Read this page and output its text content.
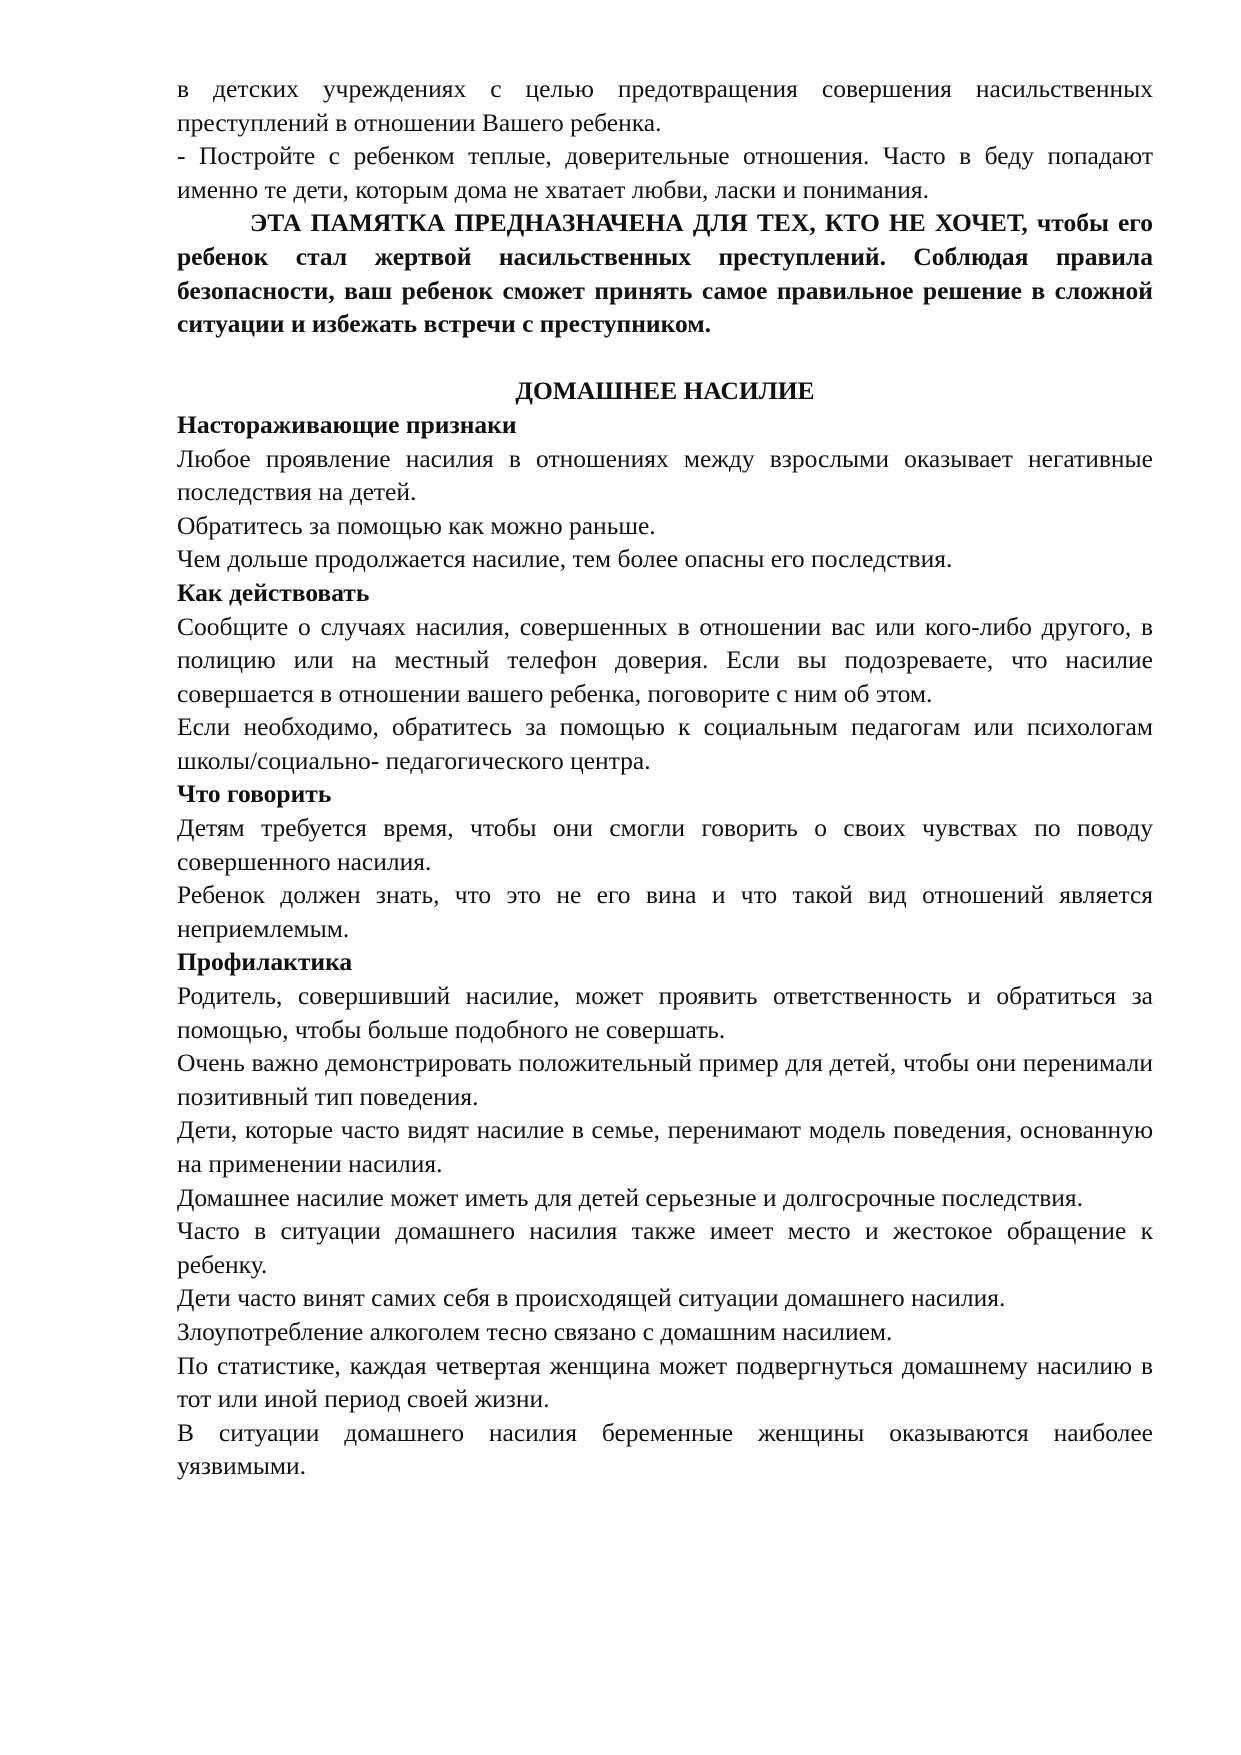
в детских учреждениях с целью предотвращения совершения насильственных преступлений в отношении Вашего ребенка.

- Постройте с ребенком теплые, доверительные отношения. Часто в беду попадают именно те дети, которым дома не хватает любви, ласки и понимания.

ЭТА ПАМЯТКА ПРЕДНАЗНАЧЕНА ДЛЯ ТЕХ, КТО НЕ ХОЧЕТ, чтобы его ребенок стал жертвой насильственных преступлений. Соблюдая правила безопасности, ваш ребенок сможет принять самое правильное решение в сложной ситуации и избежать встречи с преступником.

ДОМАШНЕЕ НАСИЛИЕ

Настораживающие признаки

Любое проявление насилия в отношениях между взрослыми оказывает негативные последствия на детей.

Обратитесь за помощью как можно раньше.

Чем дольше продолжается насилие, тем более опасны его последствия.

Как действовать

Сообщите о случаях насилия, совершенных в отношении вас или кого-либо другого, в полицию или на местный телефон доверия. Если вы подозреваете, что насилие совершается в отношении вашего ребенка, поговорите с ним об этом.

Если необходимо, обратитесь за помощью к социальным педагогам или психологам школы/социально- педагогического центра.

Что говорить

Детям требуется время, чтобы они смогли говорить о своих чувствах по поводу совершенного насилия.

Ребенок должен знать, что это не его вина и что такой вид отношений является неприемлемым.

Профилактика

Родитель, совершивший насилие, может проявить ответственность и обратиться за помощью, чтобы больше подобного не совершать.

Очень важно демонстрировать положительный пример для детей, чтобы они перенимали позитивный тип поведения.

Дети, которые часто видят насилие в семье, перенимают модель поведения, основанную на применении насилия.

Домашнее насилие может иметь для детей серьезные и долгосрочные последствия.

Часто в ситуации домашнего насилия также имеет место и жестокое обращение к ребенку.

Дети часто винят самих себя в происходящей ситуации домашнего насилия.

Злоупотребление алкоголем тесно связано с домашним насилием.

По статистике, каждая четвертая женщина может подвергнуться домашнему насилию в тот или иной период своей жизни.

В ситуации домашнего насилия беременные женщины оказываются наиболее уязвимыми.
